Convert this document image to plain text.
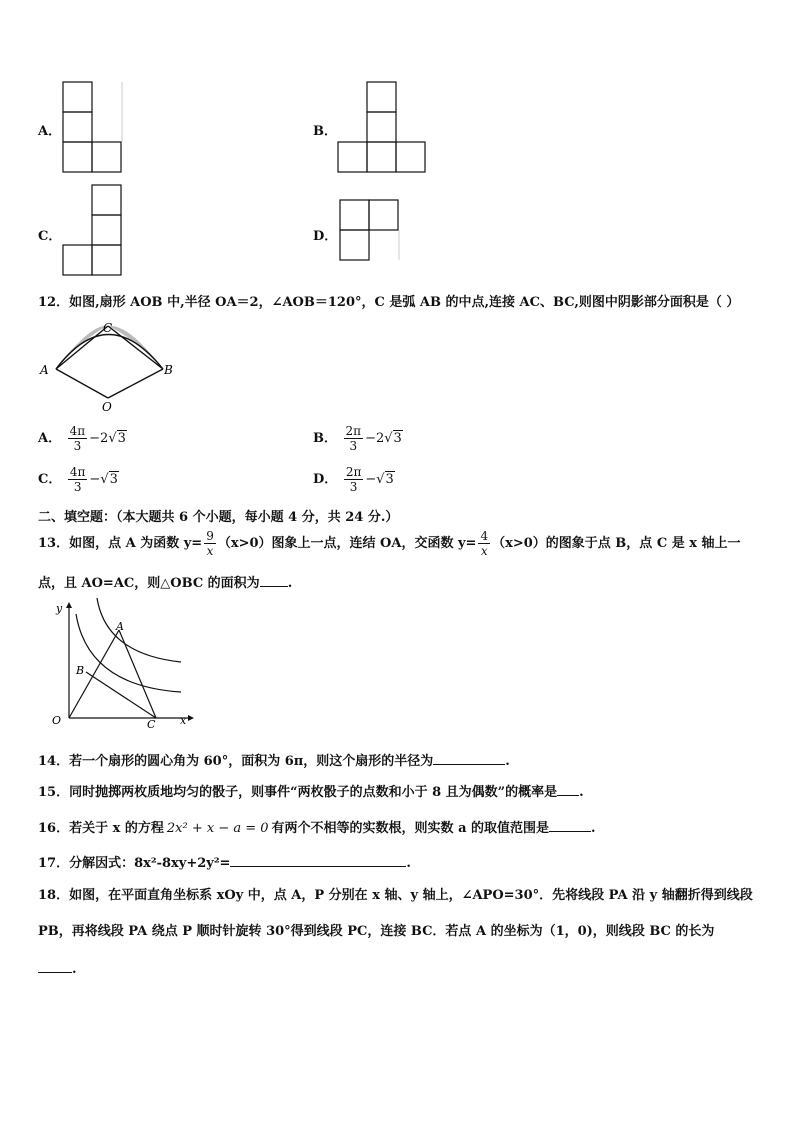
A．	B．
C．	D．
12．如图,扇形 AOB 中,半径 OA＝2，∠AOB＝120°，C 是弧 AB 的中点,连接 AC、BC,则图中阴影部分面积是（ ）
C
A	B
O
A． $\frac{4\pi}{3} -2√3$	B． $\frac{2\pi}{3} -2√3$
C． $\frac{4\pi}{3} -√3$	D． $\frac{2\pi}{3} -√3$
二、填空题：（本大题共 6 个小题，每小题 4 分，共 24 分.）
13．如图，点 A 为函数 $y= \frac{9}{x} (x>0)$图象上一点，连结 OA，交函数 $y= \frac{4}{x} (x>0)$的图象于点 B，点 C 是 x 轴上一
点，且 AO=AC，则△OBC 的面积为 .
y
A
B
O	C x
14．若一个扇形的圆心角为 60°，面积为 6π，则这个扇形的半径为	.
15．同时抛掷两枚质地均匀的骰子，则事件“两枚骰子的点数和小于 8 且为偶数”的概率是 .
16．若关于 x 的方程 2x² + x − a = 0 有两个不相等的实数根，则实数 a 的取值范围是	.
17．分解因式：8x²-8xy+2y²=	.
18．如图，在平面直角坐标系 xOy 中，点 A，P 分别在 x 轴、y 轴上，∠APO=30°．先将线段 PA 沿 y 轴翻折得到线段
PB，再将线段 PA 绕点 P 顺时针旋转 30°得到线段 PC，连接 BC．若点 A 的坐标为（1，0)，则线段 BC 的长为
.
